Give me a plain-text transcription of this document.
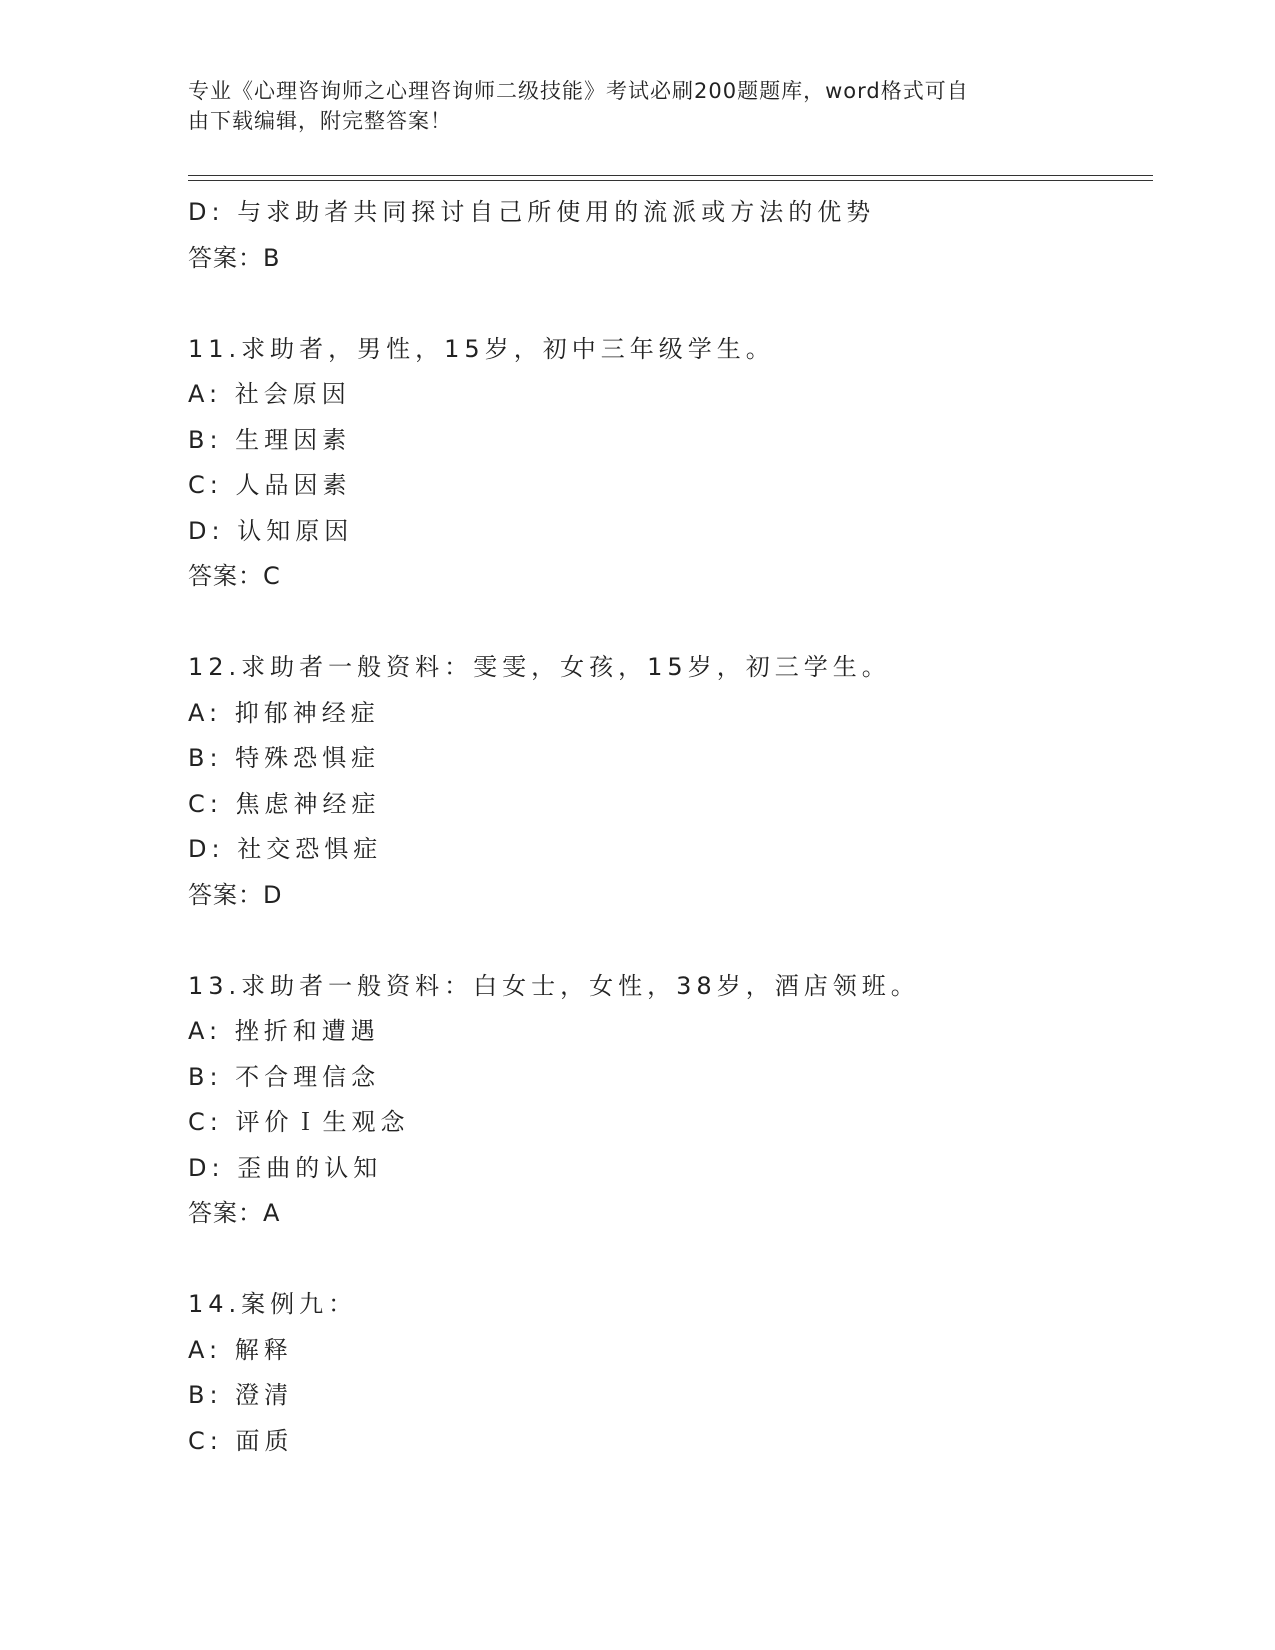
专业《心理咨询师之心理咨询师二级技能》考试必刷200题题库，word格式可自
由下载编辑，附完整答案！
D: 与求助者共同探讨自己所使用的流派或方法的优势
答案：B
11.求助者，男性，15岁，初中三年级学生。
A: 社会原因
B: 生理因素
C: 人品因素
D: 认知原因
答案：C
12.求助者一般资料：雯雯，女孩，15岁，初三学生。
A: 抑郁神经症
B: 特殊恐惧症
C: 焦虑神经症
D: 社交恐惧症
答案：D
13.求助者一般资料：白女士，女性，38岁，酒店领班。
A: 挫折和遭遇
B: 不合理信念
C: 评价Ｉ生观念
D: 歪曲的认知
答案：A
14.案例九：
A: 解释
B: 澄清
C: 面质
